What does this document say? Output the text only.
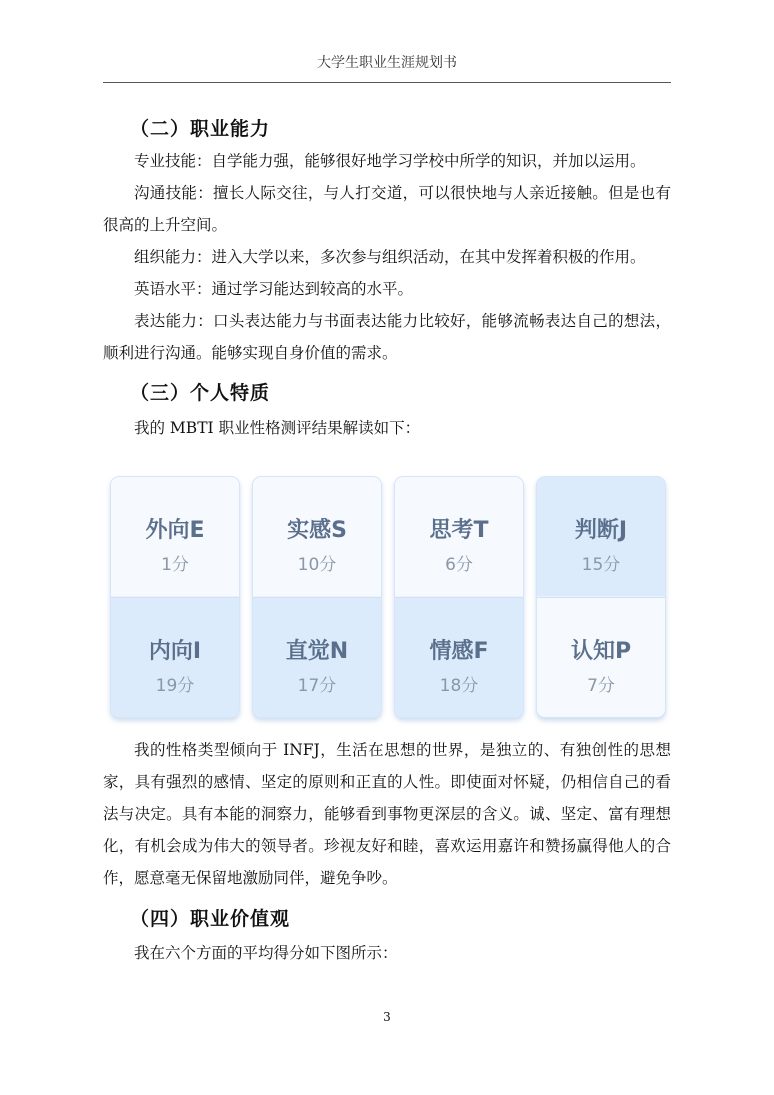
大学生职业生涯规划书
（二）职业能力
专业技能：自学能力强，能够很好地学习学校中所学的知识，并加以运用。
沟通技能：擅长人际交往，与人打交道，可以很快地与人亲近接触。但是也有很高的上升空间。
组织能力：进入大学以来，多次参与组织活动，在其中发挥着积极的作用。
英语水平：通过学习能达到较高的水平。
表达能力：口头表达能力与书面表达能力比较好，能够流畅表达自己的想法，顺利进行沟通。能够实现自身价值的需求。
（三）个人特质
我的 MBTI 职业性格测评结果解读如下：
外向E
1分
内向I
19分
实感S
10分
直觉N
17分
思考T
6分
情感F
18分
判断J
15分
认知P
7分
我的性格类型倾向于 INFJ，生活在思想的世界，是独立的、有独创性的思想家，具有强烈的感情、坚定的原则和正直的人性。即使面对怀疑，仍相信自己的看法与决定。具有本能的洞察力，能够看到事物更深层的含义。诚、坚定、富有理想化，有机会成为伟大的领导者。珍视友好和睦，喜欢运用嘉许和赞扬赢得他人的合作，愿意毫无保留地激励同伴，避免争吵。
（四）职业价值观
我在六个方面的平均得分如下图所示：
3
